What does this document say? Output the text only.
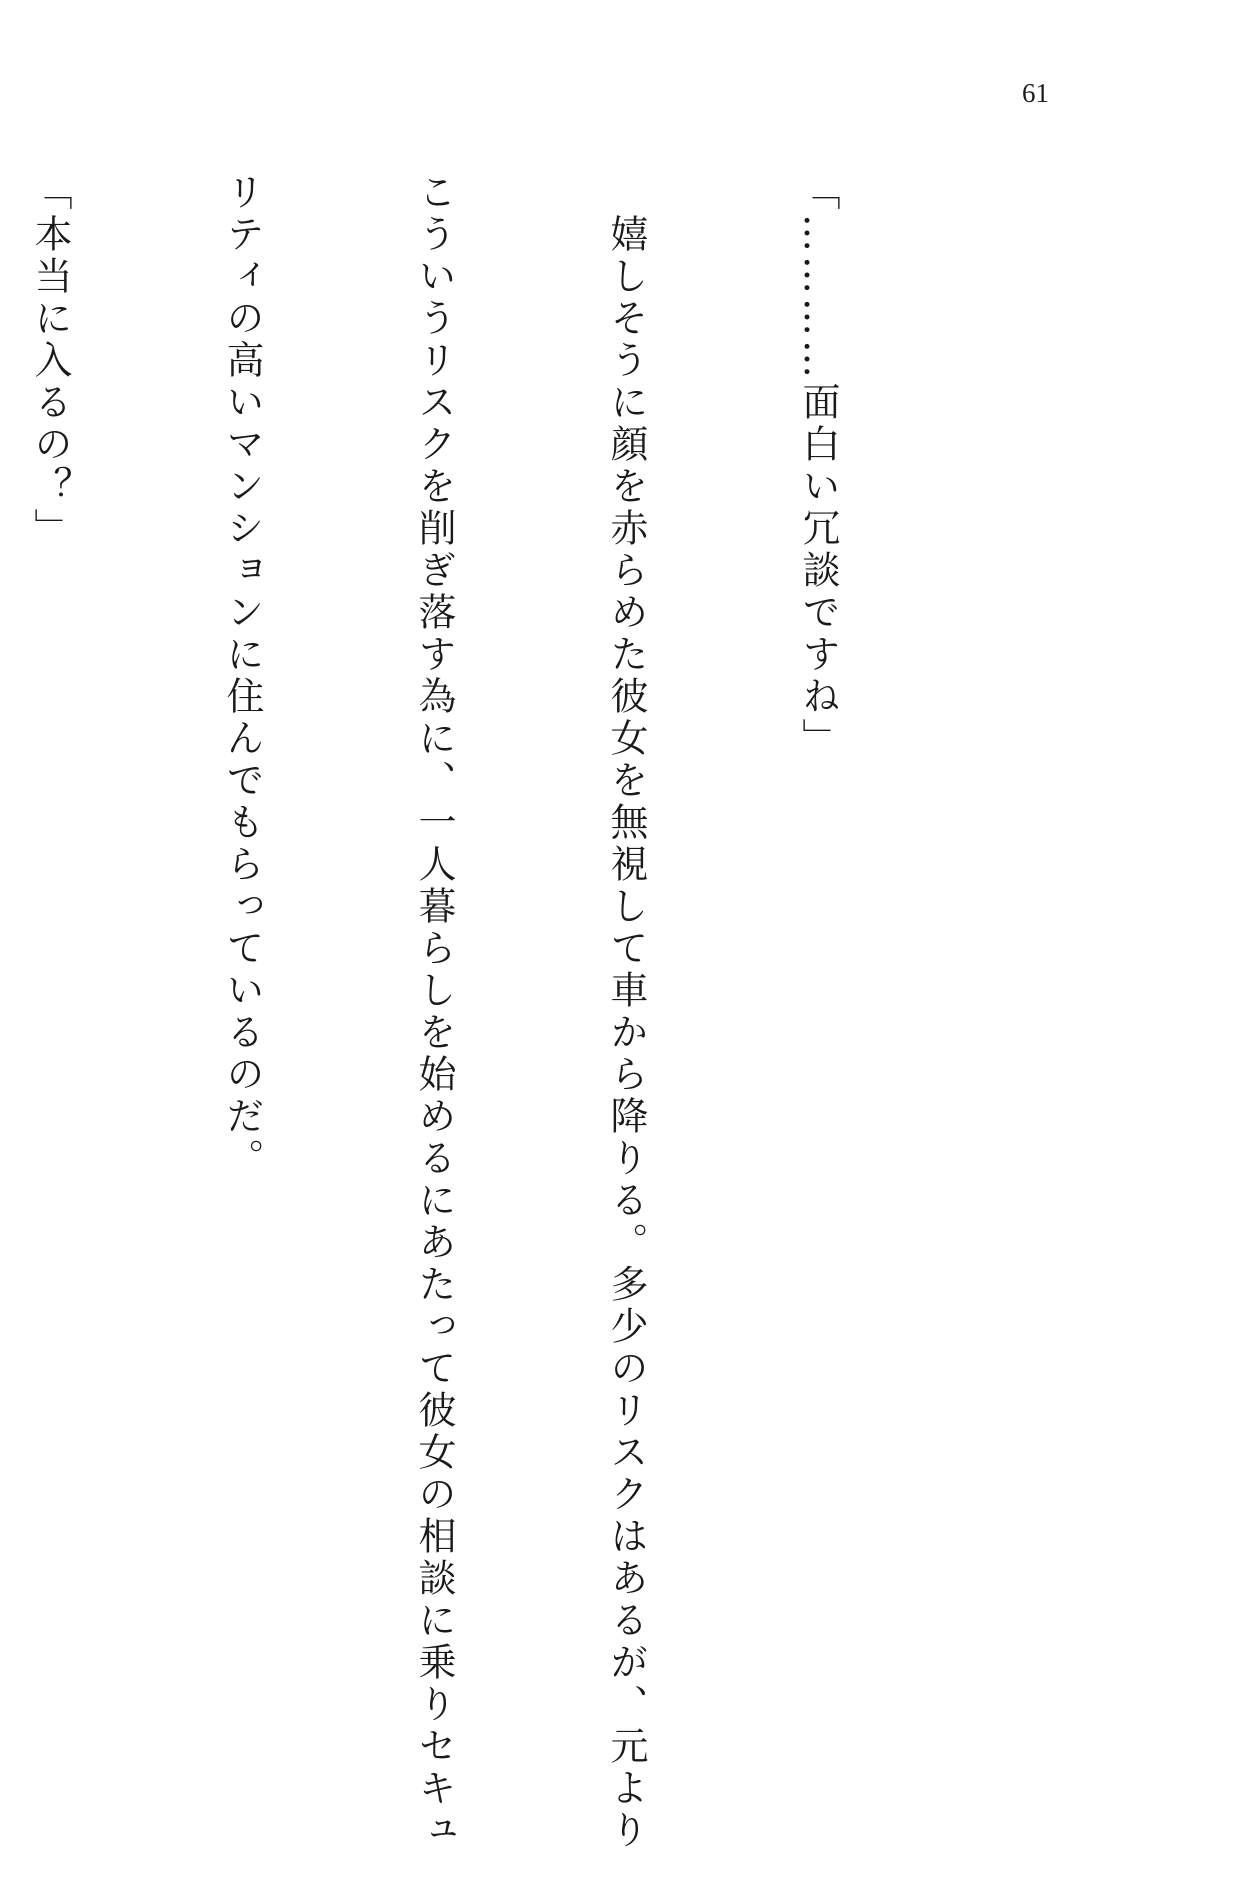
61

「…………面白い冗談ですね」

　嬉しそうに顔を赤らめた彼女を無視して車から降りる。多少のリスクはあるが、元より

こういうリスクを削ぎ落す為に、一人暮らしを始めるにあたって彼女の相談に乗りセキュ

リティの高いマンションに住んでもらっているのだ。

「本当に入るの？」
